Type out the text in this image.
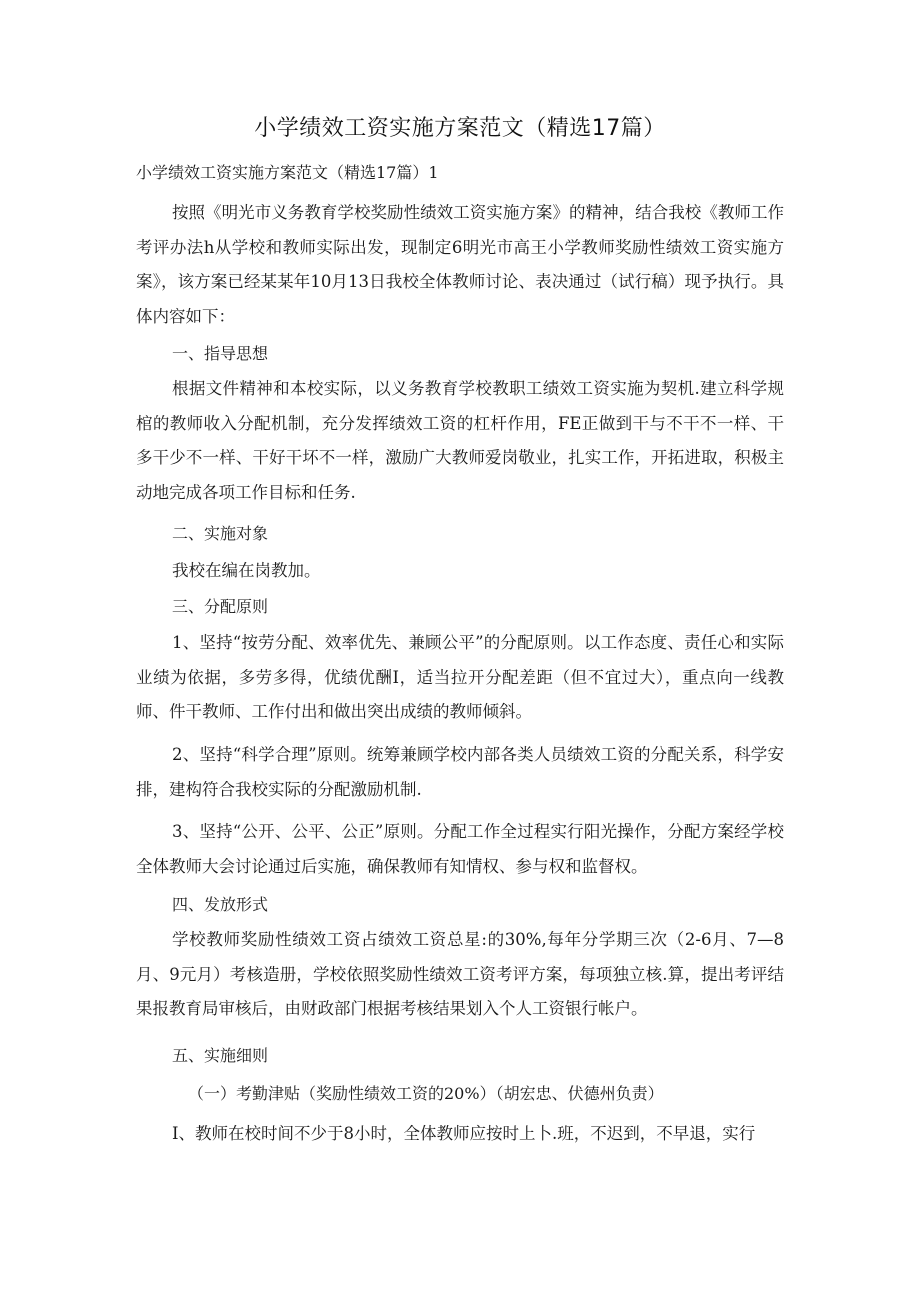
小学绩效工资实施方案范文（精选17篇）
小学绩效工资实施方案范文（精选17篇）1
按照《明光市义务教育学校奖励性绩效工资实施方案》的精神，结合我校《教师工作考评办法h从学校和教师实际出发，现制定6明光市高王小学教师奖励性绩效工资实施方案》，该方案已经某某年10月13日我校全体教师讨论、表决通过（试行稿）现予执行。具体内容如下：
一、指导思想
根据文件精神和本校实际，以义务教育学校教职工绩效工资实施为契机.建立科学规棺的教师收入分配机制，充分发挥绩效工资的杠杆作用，FE正做到干与不干不一样、干多干少不一样、干好干坏不一样，激励广大教师爱岗敬业，扎实工作，开拓进取，积极主动地完成各项工作目标和任务.
二、实施对象
我校在编在岗教加。
三、分配原则
1、坚持“按劳分配、效率优先、兼顾公平”的分配原则。以工作态度、责任心和实际业绩为依据，多劳多得，优绩优酬I，适当拉开分配差距（但不宜过大），重点向一线教师、件干教师、工作付出和做出突出成绩的教师倾斜。
2、坚持“科学合理”原则。统筹兼顾学校内部各类人员绩效工资的分配关系，科学安排，建构符合我校实际的分配激励机制.
3、坚持“公开、公平、公正”原则。分配工作全过程实行阳光操作，分配方案经学校全体教师大会讨论通过后实施，确保教师有知情权、参与权和监督权。
四、发放形式
学校教师奖励性绩效工资占绩效工资总星:的30%,每年分学期三次（2-6月、7—8月、9元月）考核造册，学校依照奖励性绩效工资考评方案，每项独立核.算，提出考评结果报教育局审核后，由财政部门根据考核结果划入个人工资银行帐户。
五、实施细则
（一）考勤津贴（奖励性绩效工资的20%）（胡宏忠、伏德州负责）
I、教师在校时间不少于8小时，全体教师应按时上卜.班，不迟到，不早退，实行
